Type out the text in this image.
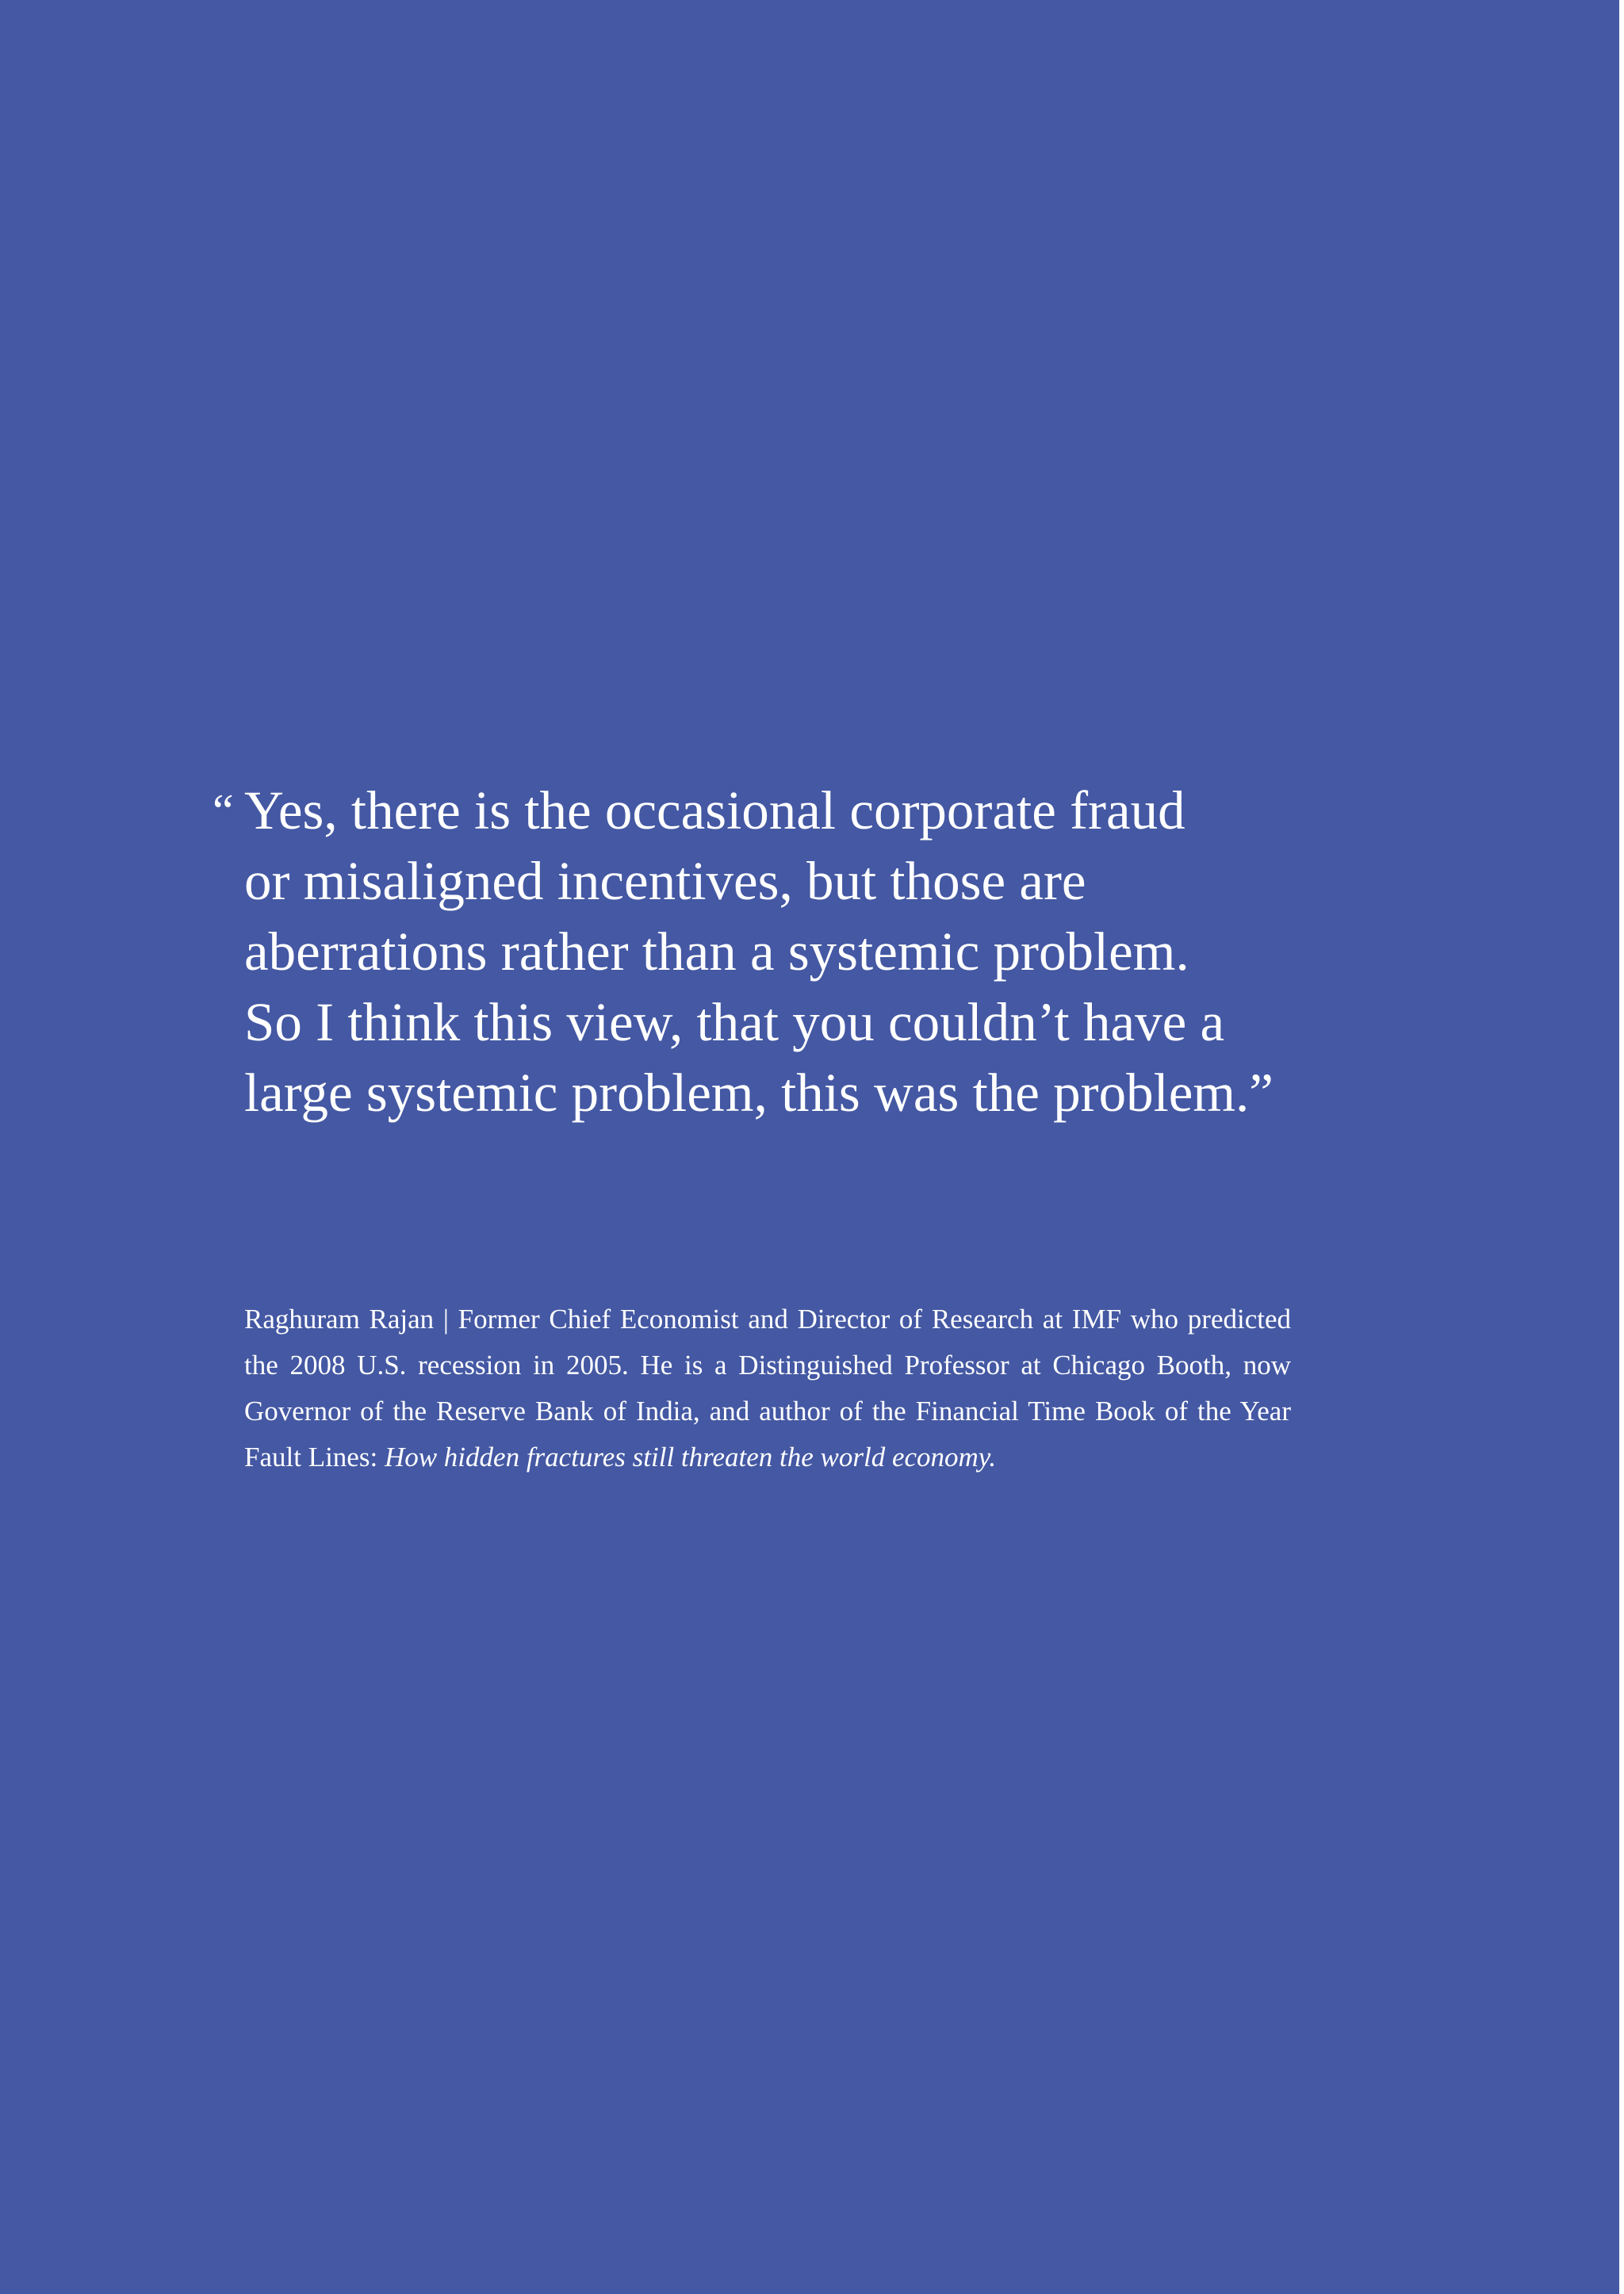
“ Yes, there is the occasional corporate fraud
or misaligned incentives, but those are
aberrations rather than a systemic problem.
So I think this view, that you couldn’t have a
large systemic problem, this was the problem.”

Raghuram Rajan | Former Chief Economist and Director of Research at IMF who predicted the 2008 U.S. recession in 2005. He is a Distinguished Professor at Chicago Booth, now Governor of the Reserve Bank of India, and author of the Financial Time Book of the Year Fault Lines: How hidden fractures still threaten the world economy.
